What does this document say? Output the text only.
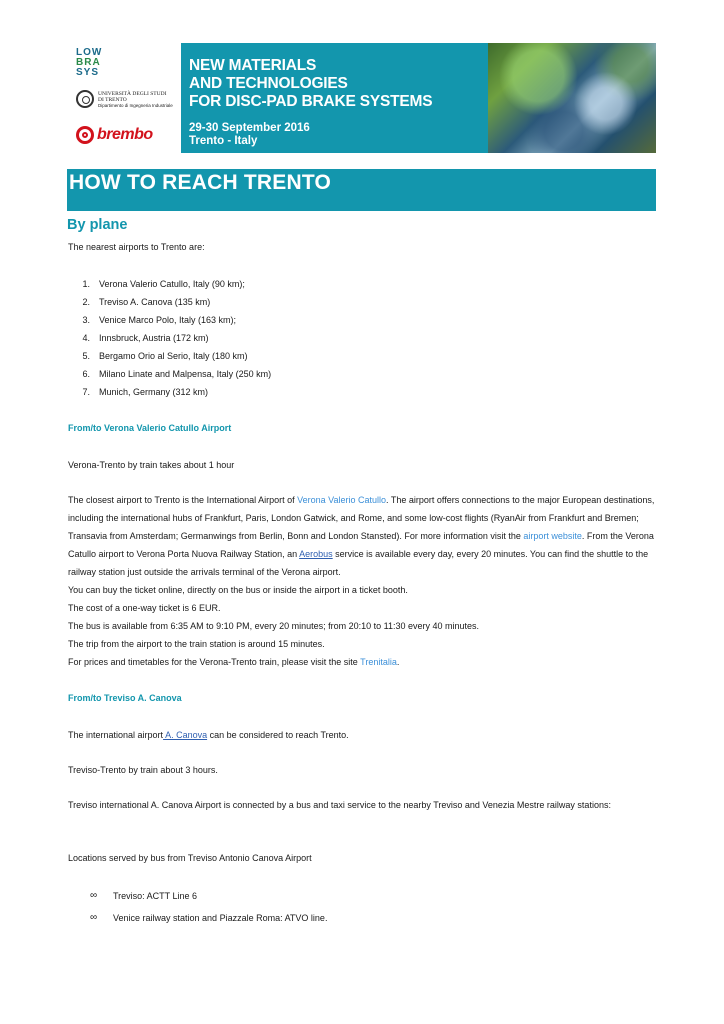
LOW
BRA
SYS
UNIVERSITÀ DEGLI STUDI
DI TRENTO
Dipartimento di Ingegneria Industriale
brembo
NEW MATERIALS
AND TECHNOLOGIES
FOR DISC-PAD BRAKE SYSTEMS
29-30 September 2016
Trento - Italy
HOW TO REACH TRENTO
By plane
The nearest airports to Trento are:
1. Verona Valerio Catullo, Italy (90 km);
2. Treviso A. Canova (135 km)
3. Venice Marco Polo, Italy (163 km);
4. Innsbruck, Austria (172 km)
5. Bergamo Orio al Serio, Italy (180 km)
6. Milano Linate and Malpensa, Italy (250 km)
7. Munich, Germany (312 km)
From/to Verona Valerio Catullo Airport
Verona-Trento by train takes about 1 hour
The closest airport to Trento is the International Airport of Verona Valerio Catullo. The airport offers connections to the major European destinations, including the international hubs of Frankfurt, Paris, London Gatwick, and Rome, and some low-cost flights (RyanAir from Frankfurt and Bremen; Transavia from Amsterdam; Germanwings from Berlin, Bonn and London Stansted). For more information visit the airport website. From the Verona Catullo airport to Verona Porta Nuova Railway Station, an Aerobus service is available every day, every 20 minutes. You can find the shuttle to the railway station just outside the arrivals terminal of the Verona airport.
You can buy the ticket online, directly on the bus or inside the airport in a ticket booth.
The cost of a one-way ticket is 6 EUR.
The bus is available from 6:35 AM to 9:10 PM, every 20 minutes; from 20:10 to 11:30 every 40 minutes.
The trip from the airport to the train station is around 15 minutes.
For prices and timetables for the Verona-Trento train, please visit the site Trenitalia.
From/to Treviso A. Canova
The international airport A. Canova can be considered to reach Trento.
Treviso-Trento by train about 3 hours.
Treviso international A. Canova Airport is connected by a bus and taxi service to the nearby Treviso and Venezia Mestre railway stations:
Locations served by bus from Treviso Antonio Canova Airport
∞ Treviso: ACTT Line 6
∞ Venice railway station and Piazzale Roma: ATVO line.
